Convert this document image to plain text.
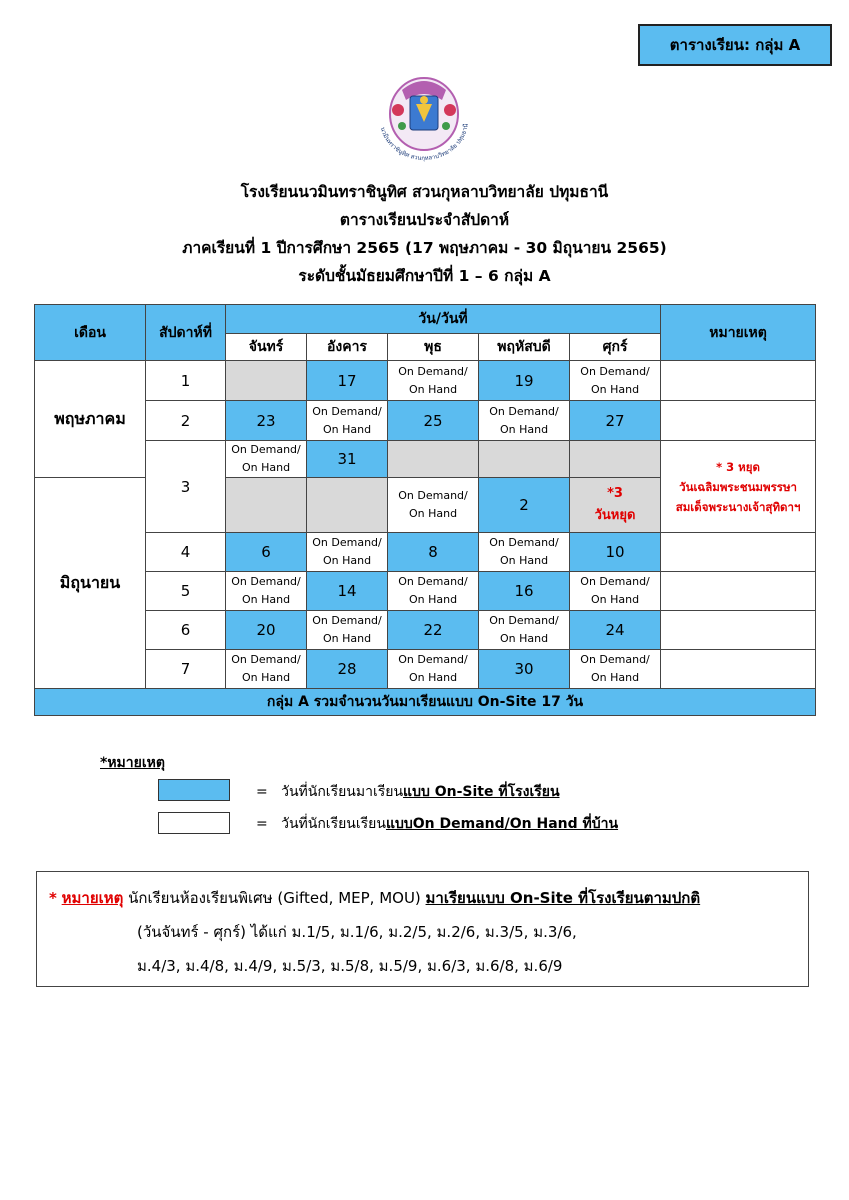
ตารางเรียน: กลุ่ม A
นวมินทราชินูทิศ สวนกุหลาบวิทยาลัย ปทุมธานี
โรงเรียนนวมินทราชินูทิศ สวนกุหลาบวิทยาลัย ปทุมธานี
ตารางเรียนประจำสัปดาห์
ภาคเรียนที่ 1 ปีการศึกษา 2565 (17 พฤษภาคม - 30 มิถุนายน 2565)
ระดับชั้นมัธยมศึกษาปีที่ 1 – 6 กลุ่ม A
เดือน	สัปดาห์ที่	วัน/วันที่					หมายเหตุ
		จันทร์	อังคาร	พุธ	พฤหัสบดี	ศุกร์	
พฤษภาคม	1		17	On Demand/
On Hand	19	On Demand/
On Hand	
	2	23	On Demand/
On Hand	25	On Demand/
On Hand	27	
	3	On Demand/
On Hand	31				* 3 หยุด
วันเฉลิมพระชนมพรรษา
สมเด็จพระนางเจ้าสุทิดาฯ
มิถุนายน				On Demand/
On Hand	2	*3
วันหยุด	
	4	6	On Demand/
On Hand	8	On Demand/
On Hand	10	
	5	On Demand/
On Hand	14	On Demand/
On Hand	16	On Demand/
On Hand	
	6	20	On Demand/
On Hand	22	On Demand/
On Hand	24	
	7	On Demand/
On Hand	28	On Demand/
On Hand	30	On Demand/
On Hand	
กลุ่ม A รวมจำนวนวันมาเรียนแบบ On-Site 17 วัน							
*หมายเหตุ
= วันที่นักเรียนมาเรียนแบบ On-Site ที่โรงเรียน
= วันที่นักเรียนเรียนแบบOn Demand/On Hand ที่บ้าน
* หมายเหตุ นักเรียนห้องเรียนพิเศษ (Gifted, MEP, MOU) มาเรียนแบบ On-Site ที่โรงเรียนตามปกติ
(วันจันทร์ - ศุกร์) ได้แก่ ม.1/5, ม.1/6, ม.2/5, ม.2/6, ม.3/5, ม.3/6,
ม.4/3, ม.4/8, ม.4/9, ม.5/3, ม.5/8, ม.5/9, ม.6/3, ม.6/8, ม.6/9
